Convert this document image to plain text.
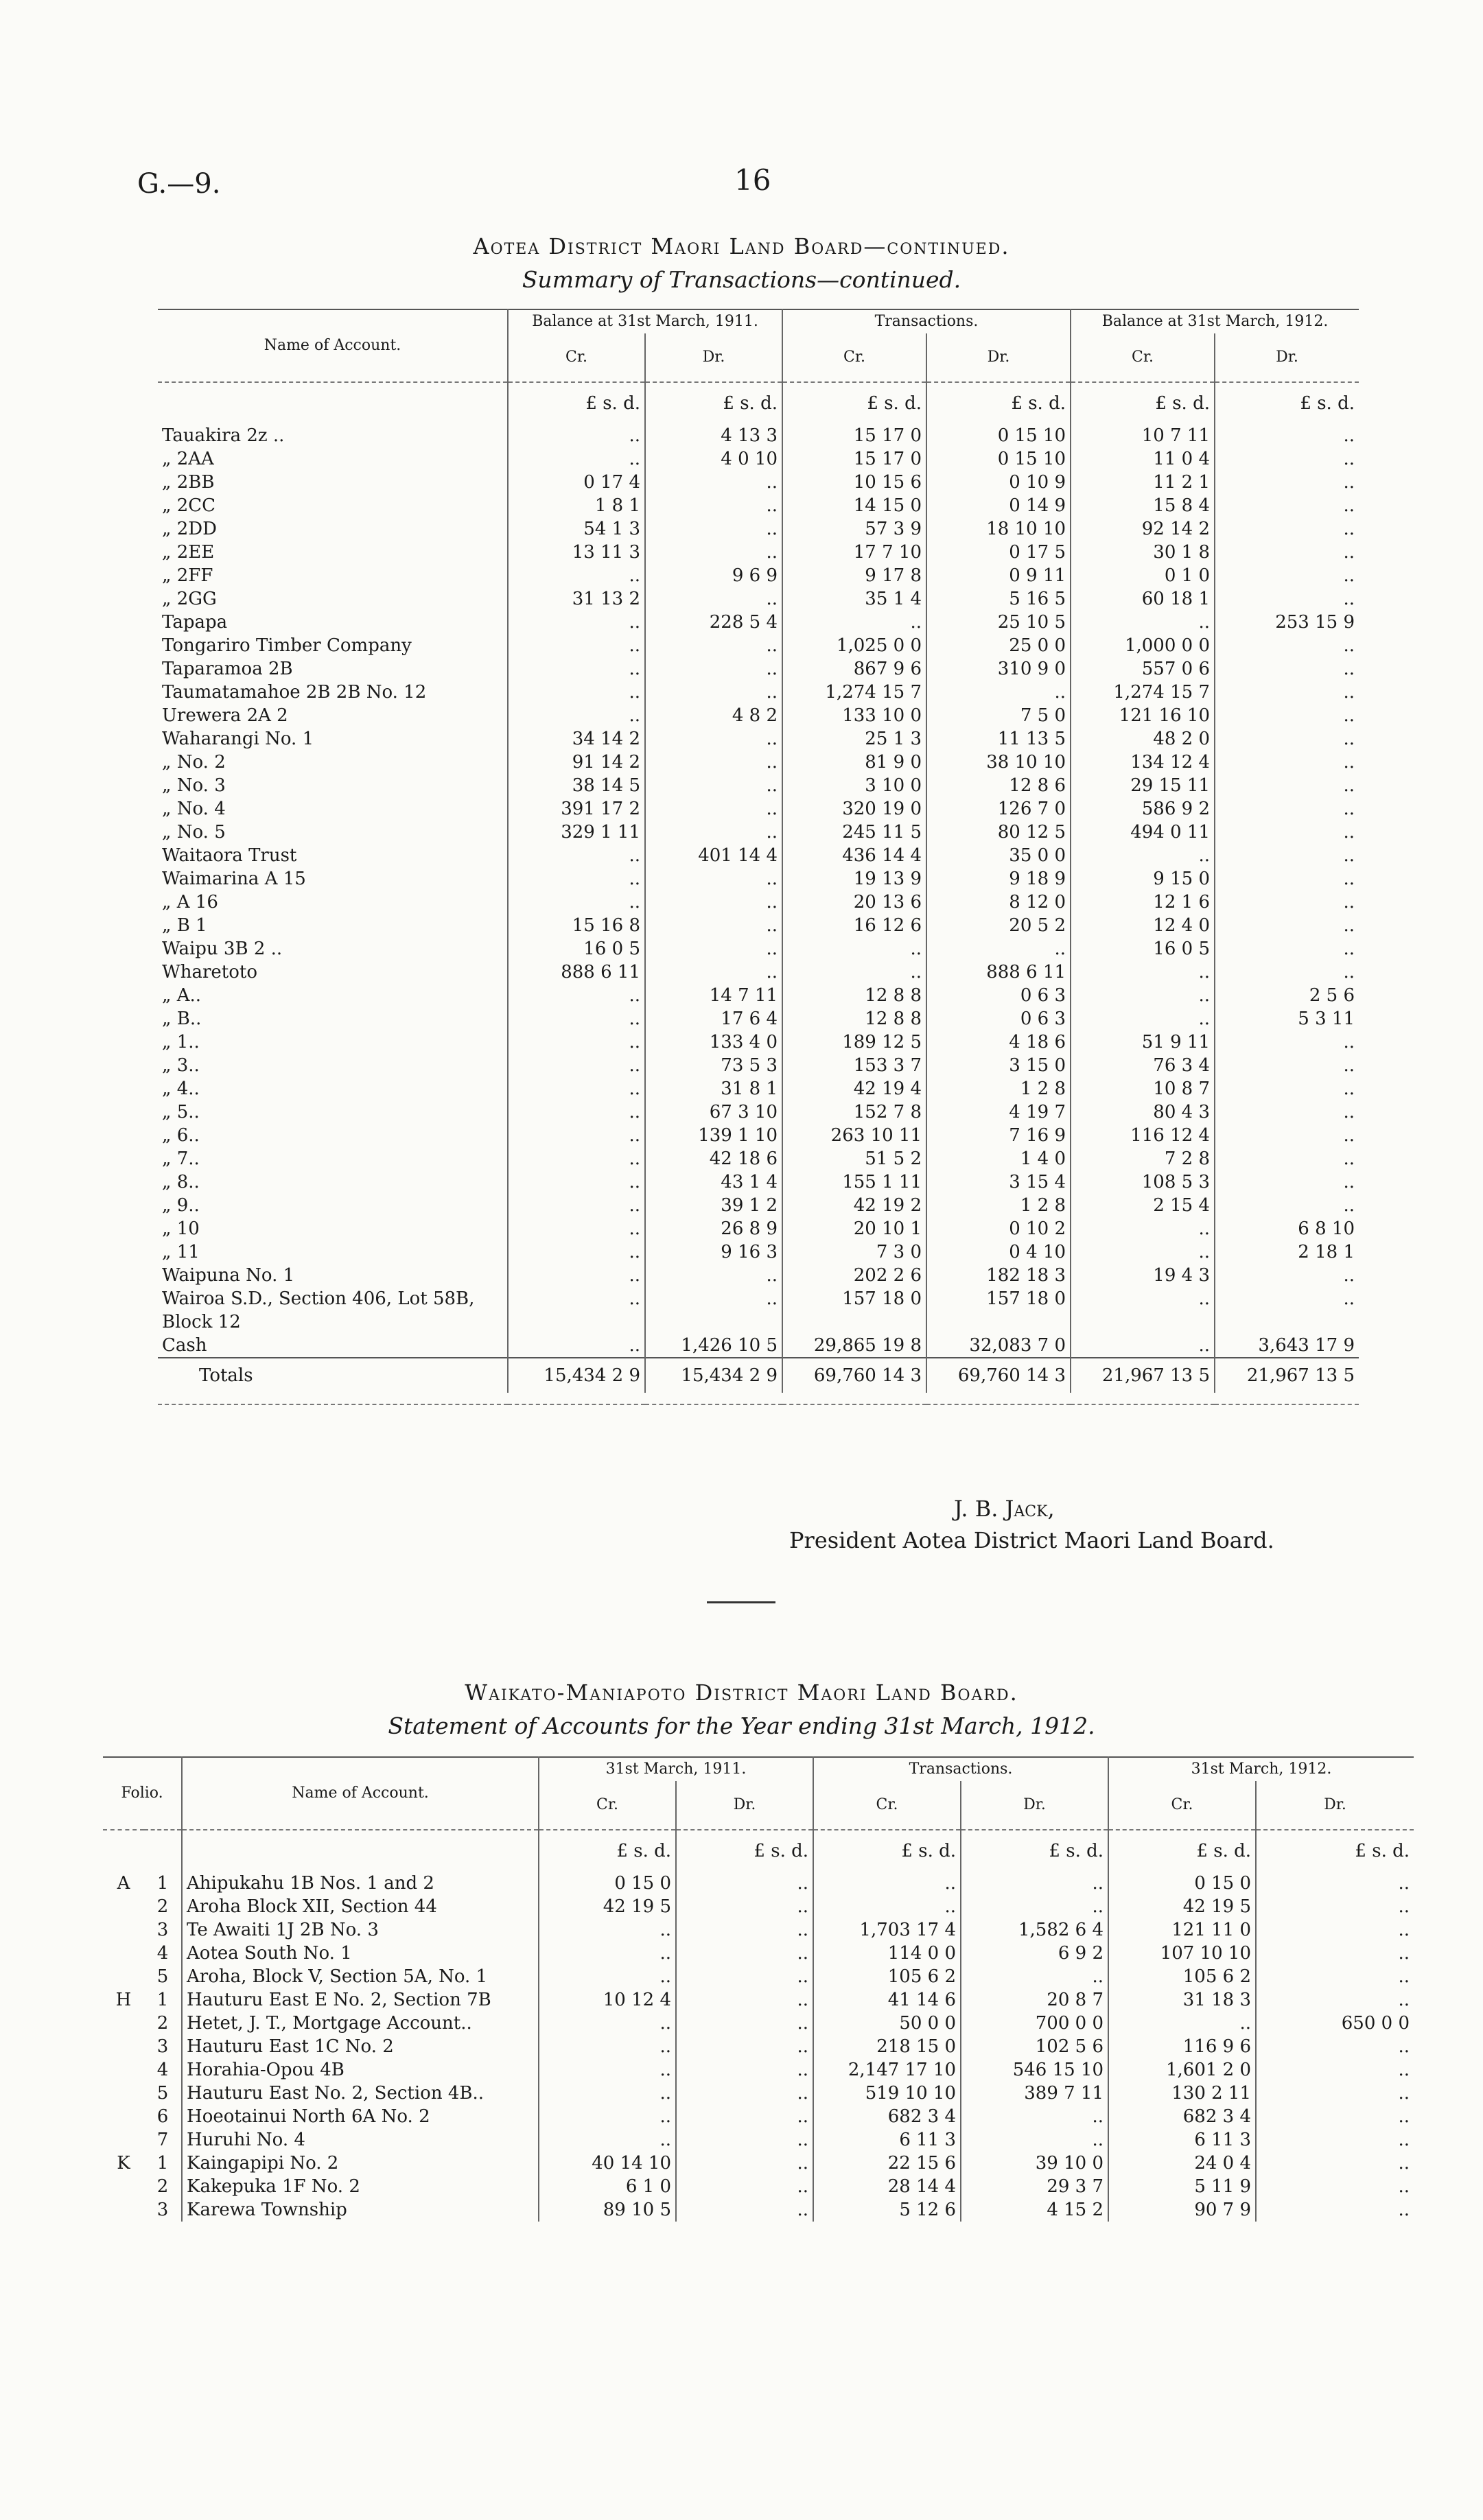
G.—9.	16
Aotea District Maori Land Board—continued.
Summary of Transactions—continued.
Name of Account.	Balance at 31st March, 1911.		Transactions.		Balance at 31st March, 1912.	
	Cr.	Dr.	Cr.	Dr.	Cr.	Dr.
	£ s. d.	£ s. d.	£ s. d.	£ s. d.	£ s. d.	£ s. d.
Tauakira 2z ..	..	4 13 3	15 17 0	0 15 10	10 7 11	..
„ 2AA	..	4 0 10	15 17 0	0 15 10	11 0 4	..
„ 2BB	0 17 4	..	10 15 6	0 10 9	11 2 1	..
„ 2CC	1 8 1	..	14 15 0	0 14 9	15 8 4	..
„ 2DD	54 1 3	..	57 3 9	18 10 10	92 14 2	..
„ 2EE	13 11 3	..	17 7 10	0 17 5	30 1 8	..
„ 2FF	..	9 6 9	9 17 8	0 9 11	0 1 0	..
„ 2GG	31 13 2	..	35 1 4	5 16 5	60 18 1	..
Tapapa	..	228 5 4	..	25 10 5	..	253 15 9
Tongariro Timber Company	..	..	1,025 0 0	25 0 0	1,000 0 0	..
Taparamoa 2B	..	..	867 9 6	310 9 0	557 0 6	..
Taumatamahoe 2B 2B No. 12	..	..	1,274 15 7	..	1,274 15 7	..
Urewera 2A 2	..	4 8 2	133 10 0	7 5 0	121 16 10	..
Waharangi No. 1	34 14 2	..	25 1 3	11 13 5	48 2 0	..
„ No. 2	91 14 2	..	81 9 0	38 10 10	134 12 4	..
„ No. 3	38 14 5	..	3 10 0	12 8 6	29 15 11	..
„ No. 4	391 17 2	..	320 19 0	126 7 0	586 9 2	..
„ No. 5	329 1 11	..	245 11 5	80 12 5	494 0 11	..
Waitaora Trust	..	401 14 4	436 14 4	35 0 0	..	..
Waimarina A 15	..	..	19 13 9	9 18 9	9 15 0	..
„ A 16	..	..	20 13 6	8 12 0	12 1 6	..
„ B 1	15 16 8	..	16 12 6	20 5 2	12 4 0	..
Waipu 3B 2 ..	16 0 5	..	..	..	16 0 5	..
Wharetoto	888 6 11	..	..	888 6 11	..	..
„ A..	..	14 7 11	12 8 8	0 6 3	..	2 5 6
„ B..	..	17 6 4	12 8 8	0 6 3	..	5 3 11
„ 1..	..	133 4 0	189 12 5	4 18 6	51 9 11	..
„ 3..	..	73 5 3	153 3 7	3 15 0	76 3 4	..
„ 4..	..	31 8 1	42 19 4	1 2 8	10 8 7	..
„ 5..	..	67 3 10	152 7 8	4 19 7	80 4 3	..
„ 6..	..	139 1 10	263 10 11	7 16 9	116 12 4	..
„ 7..	..	42 18 6	51 5 2	1 4 0	7 2 8	..
„ 8..	..	43 1 4	155 1 11	3 15 4	108 5 3	..
„ 9..	..	39 1 2	42 19 2	1 2 8	2 15 4	..
„ 10	..	26 8 9	20 10 1	0 10 2	..	6 8 10
„ 11	..	9 16 3	7 3 0	0 4 10	..	2 18 1
Waipuna No. 1	..	..	202 2 6	182 18 3	19 4 3	..
Wairoa S.D., Section 406, Lot 58B,	..	..	157 18 0	157 18 0	..	..
Block 12						
Cash	..	1,426 10 5	29,865 19 8	32,083 7 0	..	3,643 17 9
Totals	15,434 2 9	15,434 2 9	69,760 14 3	69,760 14 3	21,967 13 5	21,967 13 5

J. B. Jack,
President Aotea District Maori Land Board.
Waikato-Maniapoto District Maori Land Board.
Statement of Accounts for the Year ending 31st March, 1912.
Folio.		Name of Account.	31st March, 1911.		Transactions.		31st March, 1912.	
			Cr.	Dr.	Cr.	Dr.	Cr.	Dr.
			£ s. d.	£ s. d.	£ s. d.	£ s. d.	£ s. d.	£ s. d.
A	1	Ahipukahu 1B Nos. 1 and 2	0 15 0	..	..	..	0 15 0	..
	2	Aroha Block XII, Section 44	42 19 5	..	..	..	42 19 5	..
	3	Te Awaiti 1J 2B No. 3	..	..	1,703 17 4	1,582 6 4	121 11 0	..
	4	Aotea South No. 1	..	..	114 0 0	6 9 2	107 10 10	..
	5	Aroha, Block V, Section 5A, No. 1	..	..	105 6 2	..	105 6 2	..
H	1	Hauturu East E No. 2, Section 7B	10 12 4	..	41 14 6	20 8 7	31 18 3	..
	2	Hetet, J. T., Mortgage Account..	..	..	50 0 0	700 0 0	..	650 0 0
	3	Hauturu East 1C No. 2	..	..	218 15 0	102 5 6	116 9 6	..
	4	Horahia-Opou 4B	..	..	2,147 17 10	546 15 10	1,601 2 0	..
	5	Hauturu East No. 2, Section 4B..	..	..	519 10 10	389 7 11	130 2 11	..
	6	Hoeotainui North 6A No. 2	..	..	682 3 4	..	682 3 4	..
	7	Huruhi No. 4	..	..	6 11 3	..	6 11 3	..
K	1	Kaingapipi No. 2	40 14 10	..	22 15 6	39 10 0	24 0 4	..
	2	Kakepuka 1F No. 2	6 1 0	..	28 14 4	29 3 7	5 11 9	..
	3	Karewa Township	89 10 5	..	5 12 6	4 15 2	90 7 9	..
